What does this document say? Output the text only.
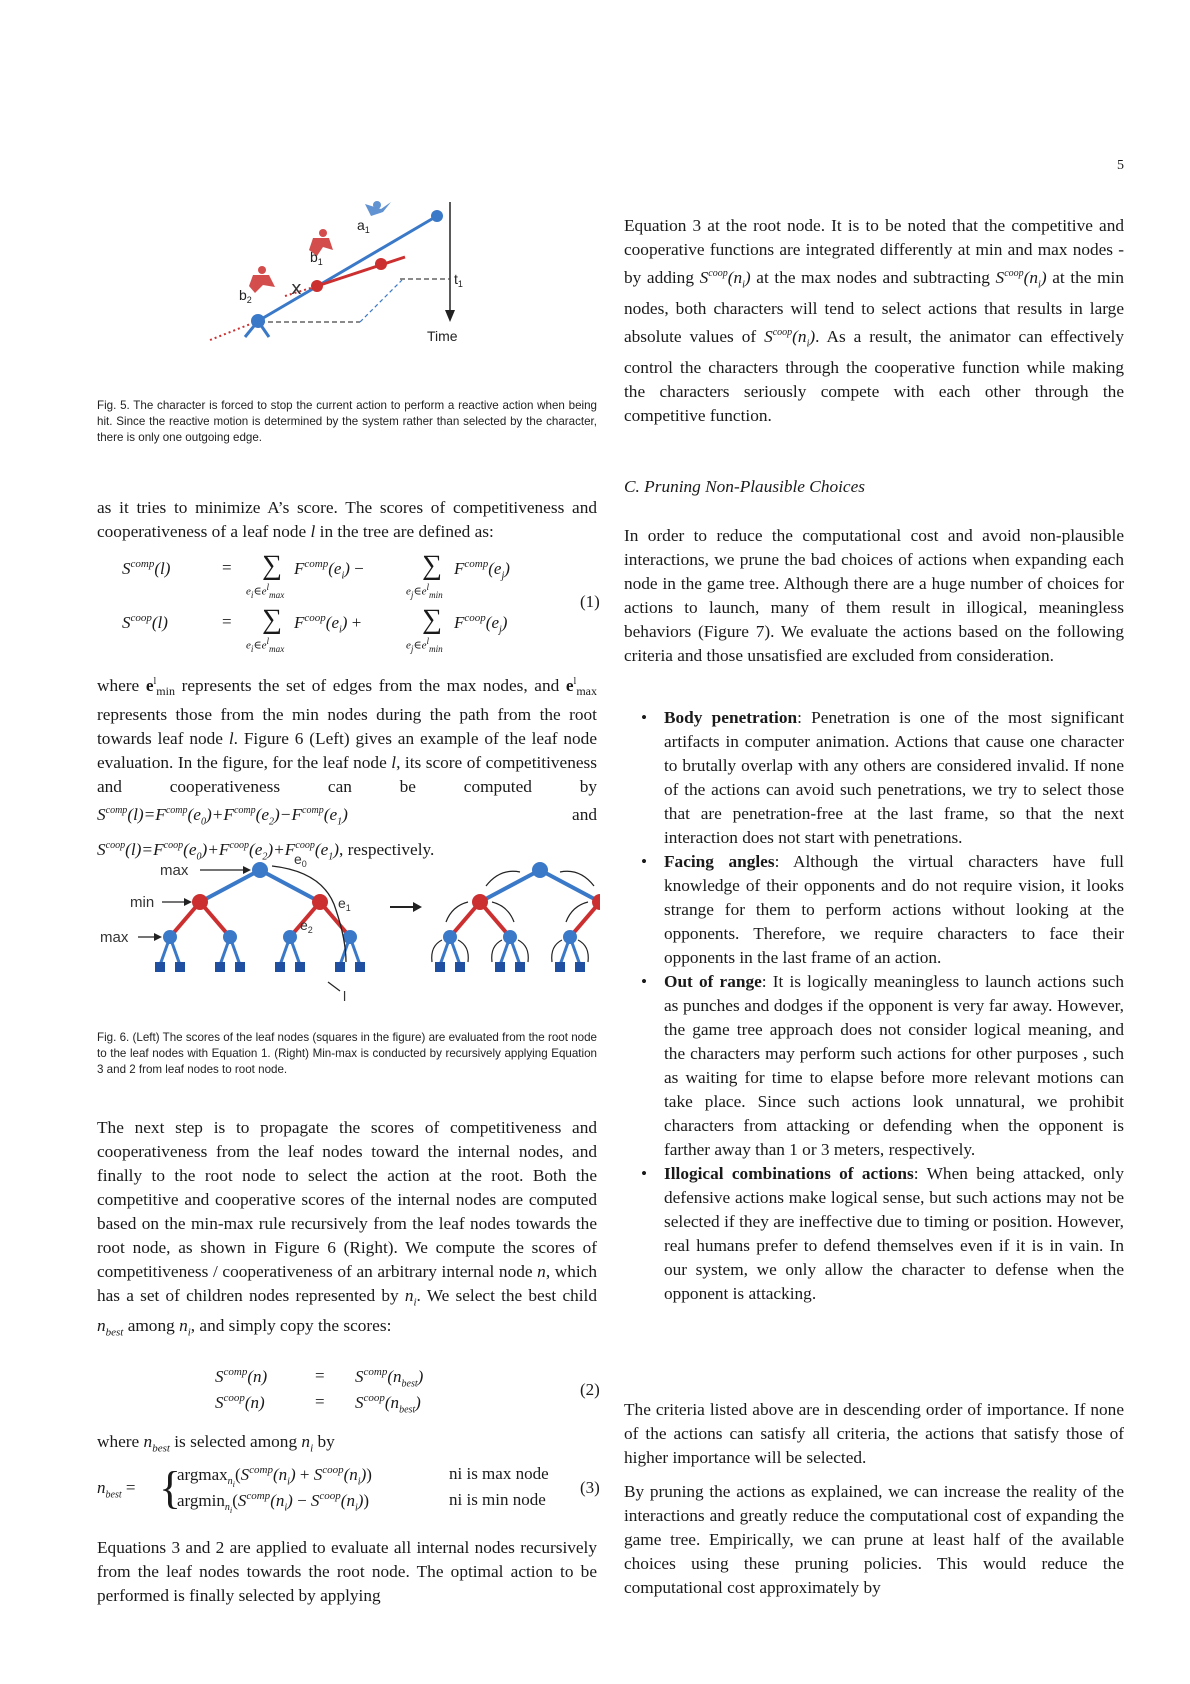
5
x
$a_1$
$b_1$
$b_2$
$t_1$
Time
Fig. 5. The character is forced to stop the current action to perform a reactive action when being hit. Since the reactive motion is determined by the system rather than selected by the character, there is only one outgoing edge.

as it tries to minimize A’s score. The scores of competitiveness and cooperativeness of a leaf node l in the tree are defined as:

$S^{comp}(l)$	= ∑
$e_i\in e^l_{max}$
$F^{comp}(e_i)$ − ∑
$e_j\in e^l_{min}$
$F^{comp}(e_j)$
$S^{coop}(l)$	= ∑
$e_i\in e^l_{max}$
$F^{coop}(e_i)$ + ∑
$e_j\in e^l_{min}$
$F^{coop}(e_j)$
(1)

where $e^l_{min}$ represents the set of edges from the max nodes, and $e^l_{max}$ represents those from the min nodes during the path from the root towards leaf node l. Figure 6 (Left) gives an example of the leaf node evaluation. In the figure, for the leaf node l, its score of competitiveness and cooperativeness can be computed by $S^{comp}(l)=F^{comp}(e_0)+F^{comp}(e_2)-F^{comp}(e_1)$ and $S^{coop}(l)=F^{coop}(e_0)+F^{coop}(e_2)+F^{coop}(e_1)$, respectively.

max
min
max
$e_0$
$e_1$
$e_2$
l
Fig. 6. (Left) The scores of the leaf nodes (squares in the figure) are evaluated from the root node to the leaf nodes with Equation 1. (Right) Min-max is conducted by recursively applying Equation 3 and 2 from leaf nodes to root node.

The next step is to propagate the scores of competitiveness and cooperativeness from the leaf nodes toward the internal nodes, and finally to the root node to select the action at the root. Both the competitive and cooperative scores of the internal nodes are computed based on the min-max rule recursively from the leaf nodes towards the root node, as shown in Figure 6 (Right). We compute the scores of competitiveness / cooperativeness of an arbitrary internal node n, which has a set of children nodes represented by $n_i$. We select the best child $n_{best}$ among $n_i$, and simply copy the scores:

$S^{comp}(n)$	= $S^{comp}(n_{best})$
$S^{coop}(n)$	= $S^{coop}(n_{best})$
(2)

where $n_{best}$ is selected among $n_i$ by

$n_{best}$ = {
$argmax_{n_i}(S^{comp}(n_i) + S^{coop}(n_i))$
$argmin_{n_i}(S^{comp}(n_i) - S^{coop}(n_i))$
ni is max node
ni is min node
(3)

Equations 3 and 2 are applied to evaluate all internal nodes recursively from the leaf nodes towards the root node. The optimal action to be performed is finally selected by applying

Equation 3 at the root node. It is to be noted that the competitive and cooperative functions are integrated differently at min and max nodes - by adding $S^{coop}(n_i)$ at the max nodes and subtracting $S^{coop}(n_i)$ at the min nodes, both characters will tend to select actions that results in large absolute values of $S^{coop}(n_i)$. As a result, the animator can effectively control the characters through the cooperative function while making the characters seriously compete with each other through the competitive function.

C. Pruning Non-Plausible Choices

In order to reduce the computational cost and avoid non-plausible interactions, we prune the bad choices of actions when expanding each node in the game tree. Although there are a huge number of choices for actions to launch, many of them result in illogical, meaningless behaviors (Figure 7). We evaluate the actions based on the following criteria and those unsatisfied are excluded from consideration.

• Body penetration: Penetration is one of the most significant artifacts in computer animation. Actions that cause one character to brutally overlap with any others are considered invalid. If none of the actions can avoid such penetrations, we try to select those that are penetration-free at the last frame, so that the next interaction does not start with penetrations.
• Facing angles: Although the virtual characters have full knowledge of their opponents and do not require vision, it looks strange for them to perform actions without looking at the opponents. Therefore, we require characters to face their opponents in the last frame of an action.
• Out of range: It is logically meaningless to launch actions such as punches and dodges if the opponent is very far away. However, the game tree approach does not consider logical meaning, and the characters may perform such actions for other purposes , such as waiting for time to elapse before more relevant motions can take place. Since such actions look unnatural, we prohibit characters from attacking or defending when the opponent is farther away than 1 or 3 meters, respectively.
• Illogical combinations of actions: When being attacked, only defensive actions make logical sense, but such actions may not be selected if they are ineffective due to timing or position. However, real humans prefer to defend themselves even if it is in vain. In our system, we only allow the character to defense when the opponent is attacking.

The criteria listed above are in descending order of importance. If none of the actions can satisfy all criteria, the actions that satisfy those of higher importance will be selected.

By pruning the actions as explained, we can increase the reality of the interactions and greatly reduce the computational cost of expanding the game tree. Empirically, we can prune at least half of the available choices using these pruning policies. This would reduce the computational cost approximately by
